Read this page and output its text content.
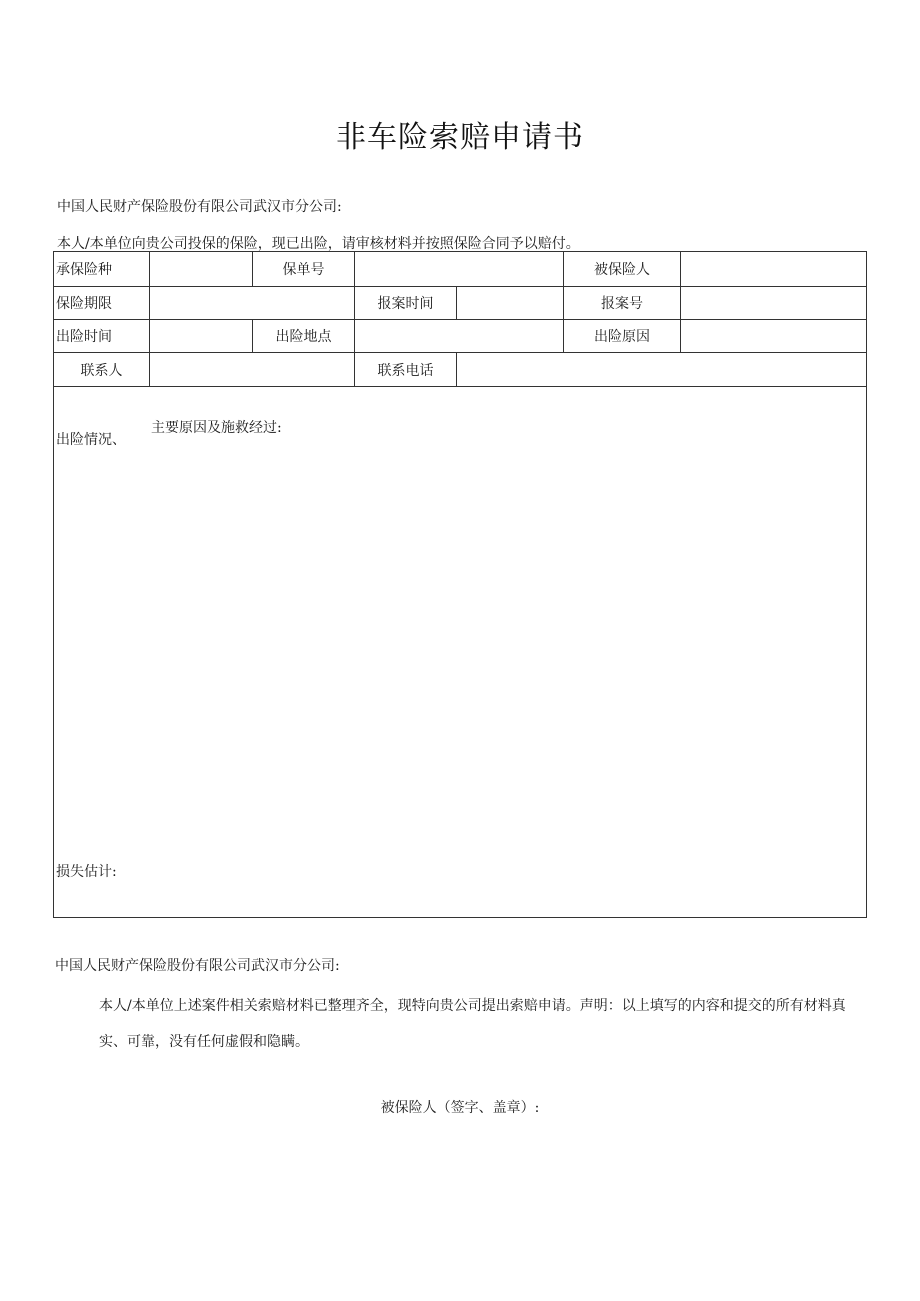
非车险索赔申请书
中国人民财产保险股份有限公司武汉市分公司:
本人/本单位向贵公司投保的保险，现已出险，请审核材料并按照保险合同予以赔付。
承保险种		保单号			被保险人	
保险期限			报案时间		报案号	
出险时间		出险地点			出险原因	
联系人			联系电话			

出险情况、
主要原因及施救经过:
损失估计:						
中国人民财产保险股份有限公司武汉市分公司:
本人/本单位上述案件相关索赔材料已整理齐全，现特向贵公司提出索赔申请。声明：以上填写的内容和提交的所有材料真实、可靠，没有任何虚假和隐瞒。
被保险人（签字、盖章）:
